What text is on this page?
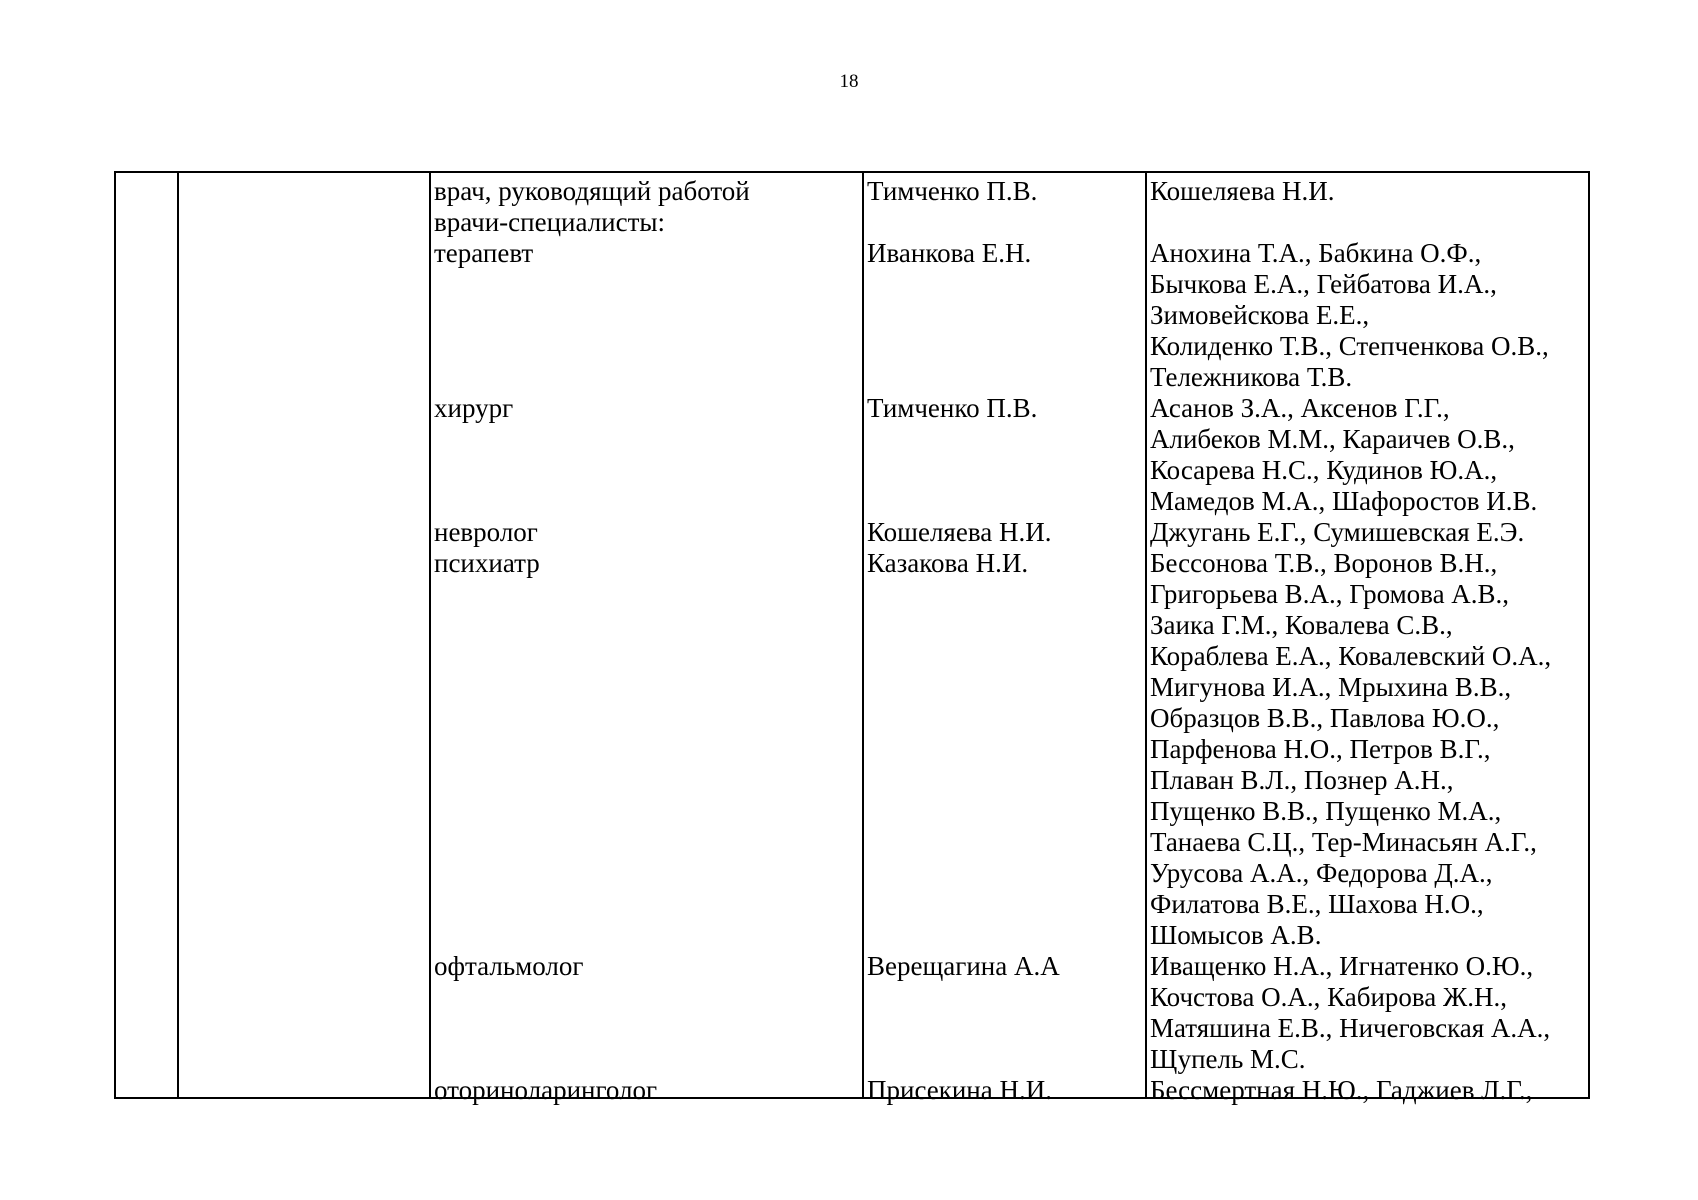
18
врач, руководящий работой
врачи-специалисты:
терапевт
хирург
невролог
психиатр
офтальмолог
оториноларинголог
Тимченко П.В.
Иванкова Е.Н.
Тимченко П.В.
Кошеляева Н.И.
Казакова Н.И.
Верещагина А.А
Присекина Н.И.
Кошеляева Н.И.
Анохина Т.А., Бабкина О.Ф.,
Бычкова Е.А., Гейбатова И.А.,
Зимовейскова Е.Е.,
Колиденко Т.В., Степченкова О.В.,
Тележникова Т.В.
Асанов З.А., Аксенов Г.Г.,
Алибеков М.М., Караичев О.В.,
Косарева Н.С., Кудинов Ю.А.,
Мамедов М.А., Шафоростов И.В.
Джугань Е.Г., Сумишевская Е.Э.
Бессонова Т.В., Воронов В.Н.,
Григорьева В.А., Громова А.В.,
Заика Г.М., Ковалева С.В.,
Кораблева Е.А., Ковалевский О.А.,
Мигунова И.А., Мрыхина В.В.,
Образцов В.В., Павлова Ю.О.,
Парфенова Н.О., Петров В.Г.,
Плаван В.Л., Познер А.Н.,
Пущенко В.В., Пущенко М.А.,
Танаева С.Ц., Тер-Минасьян А.Г.,
Урусова А.А., Федорова Д.А.,
Филатова В.Е., Шахова Н.О.,
Шомысов А.В.
Иващенко Н.А., Игнатенко О.Ю.,
Кочстова О.А., Кабирова Ж.Н.,
Матяшина Е.В., Ничеговская А.А.,
Щупель М.С.
Бессмертная Н.Ю., Гаджиев Л.Г.,
